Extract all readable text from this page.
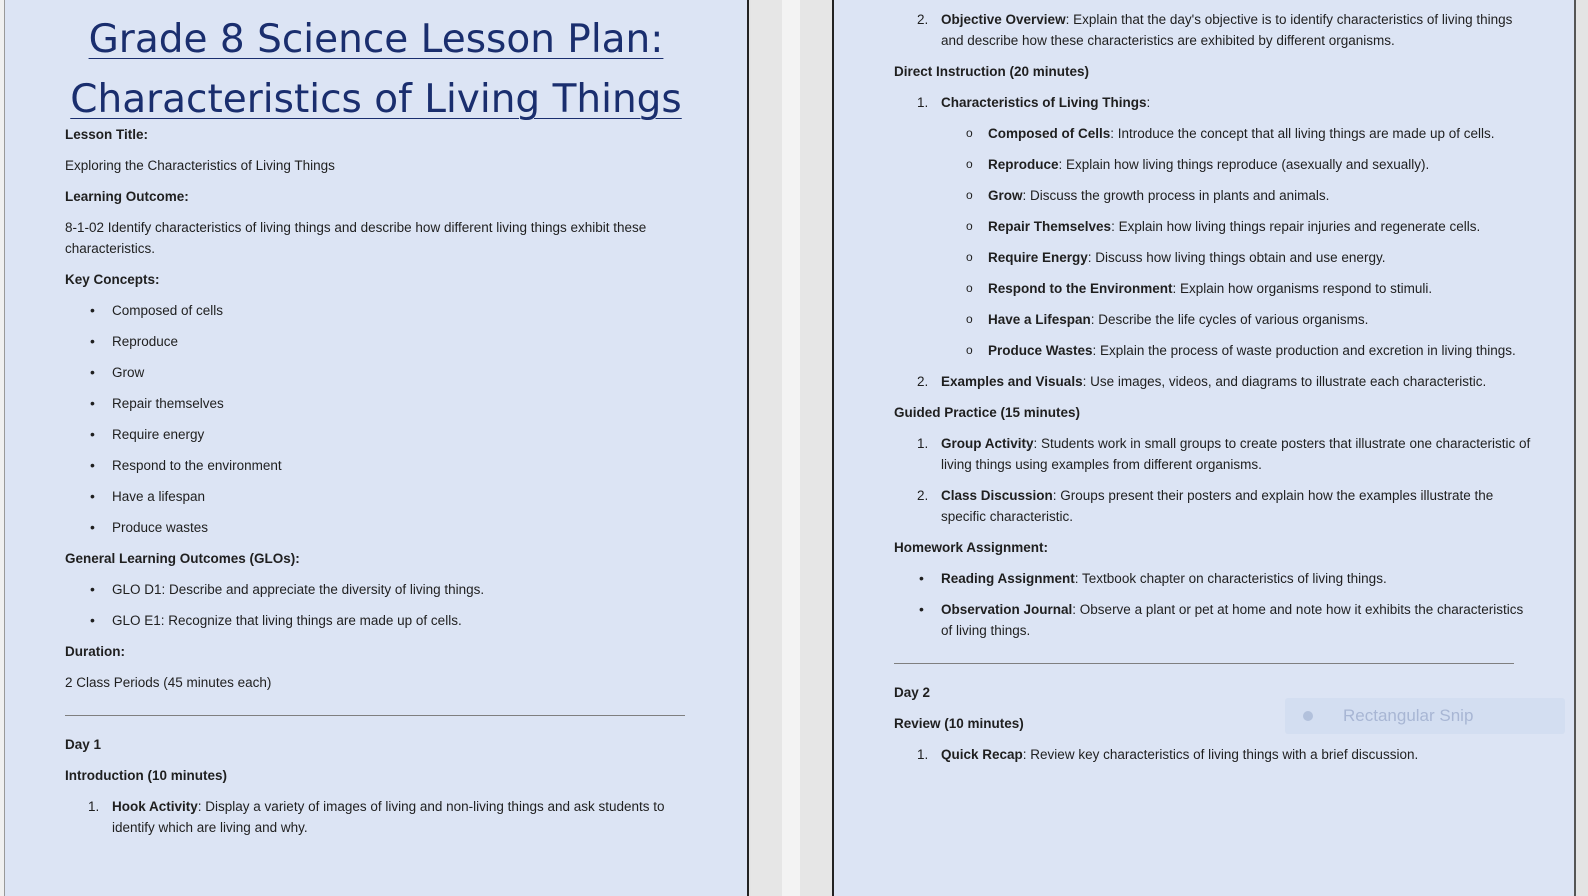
Grade 8 Science Lesson Plan:
Characteristics of Living Things

Lesson Title:

Exploring the Characteristics of Living Things

Learning Outcome:

8-1-02 Identify characteristics of living things and describe how different living things exhibit these characteristics.

Key Concepts:

• Composed of cells
• Reproduce
• Grow
• Repair themselves
• Require energy
• Respond to the environment
• Have a lifespan
• Produce wastes

General Learning Outcomes (GLOs):

• GLO D1: Describe and appreciate the diversity of living things.
• GLO E1: Recognize that living things are made up of cells.

Duration:

2 Class Periods (45 minutes each)

Day 1

Introduction (10 minutes)

1. Hook Activity: Display a variety of images of living and non-living things and ask students to identify which are living and why.
2. Objective Overview: Explain that the day's objective is to identify characteristics of living things and describe how these characteristics are exhibited by different organisms.

Direct Instruction (20 minutes)

1. Characteristics of Living Things:
o Composed of Cells: Introduce the concept that all living things are made up of cells.
o Reproduce: Explain how living things reproduce (asexually and sexually).
o Grow: Discuss the growth process in plants and animals.
o Repair Themselves: Explain how living things repair injuries and regenerate cells.
o Require Energy: Discuss how living things obtain and use energy.
o Respond to the Environment: Explain how organisms respond to stimuli.
o Have a Lifespan: Describe the life cycles of various organisms.
o Produce Wastes: Explain the process of waste production and excretion in living things.
2. Examples and Visuals: Use images, videos, and diagrams to illustrate each characteristic.

Guided Practice (15 minutes)

1. Group Activity: Students work in small groups to create posters that illustrate one characteristic of living things using examples from different organisms.
2. Class Discussion: Groups present their posters and explain how the examples illustrate the specific characteristic.

Homework Assignment:

• Reading Assignment: Textbook chapter on characteristics of living things.
• Observation Journal: Observe a plant or pet at home and note how it exhibits the characteristics of living things.

Day 2

Review (10 minutes)

1. Quick Recap: Review key characteristics of living things with a brief discussion.
Rectangular Snip
